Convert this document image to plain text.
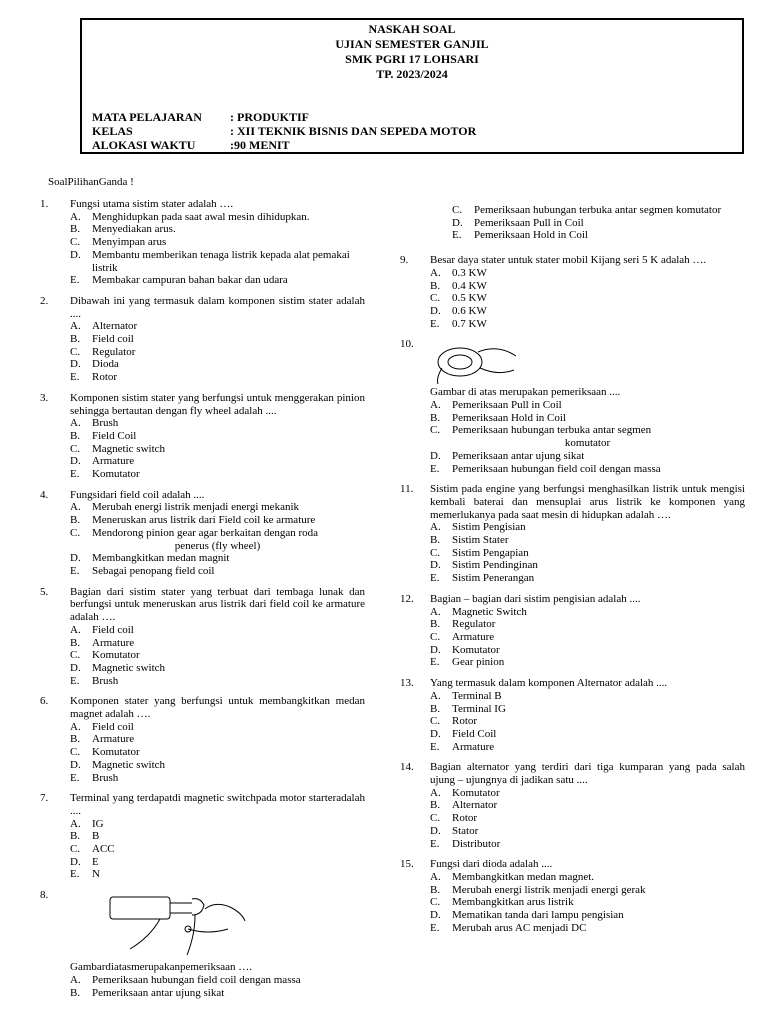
NASKAH SOAL
UJIAN SEMESTER GANJIL
SMK PGRI 17 LOHSARI
TP. 2023/2024
MATA PELAJARAN	: PRODUKTIF
KELAS	: XII TEKNIK BISNIS DAN SEPEDA MOTOR
ALOKASI WAKTU	:90 MENIT
SoalPilihanGanda !
1. Fungsi utama sistim stater adalah ….
A.	Menghidupkan pada saat awal mesin dihidupkan.
B.	Menyediakan arus.
C.	Menyimpan arus
D.	Membantu memberikan tenaga listrik kepada alat pemakai listrik
E.	Membakar campuran bahan bakar dan udara
2. Dibawah ini yang termasuk dalam komponen sistim stater adalah ....
A.	Alternator
B.	Field coil
C.	Regulator
D.	Dioda
E.	Rotor
3. Komponen sistim stater yang berfungsi untuk menggerakan pinion sehingga bertautan dengan fly wheel adalah ....
A.	Brush
B.	Field Coil
C.	Magnetic switch
D.	Armature
E.	Komutator
4. Fungsidari field coil adalah ....
A.	Merubah energi listrik menjadi energi mekanik
B.	Meneruskan arus listrik dari Field coil ke armature
C.	Mendorong pinion gear agar berkaitan dengan roda
penerus (fly wheel)
D.	Membangkitkan medan magnit
E.	Sebagai penopang field coil
5. Bagian dari sistim stater yang terbuat dari tembaga lunak dan berfungsi untuk meneruskan arus listrik dari field coil ke armature adalah ….
A.	Field coil
B.	Armature
C.	Komutator
D.	Magnetic switch
E.	Brush
6. Komponen stater yang berfungsi untuk membangkitkan medan magnet adalah ….
A.	Field coil
B.	Armature
C.	Komutator
D.	Magnetic switch
E.	Brush
7. Terminal yang terdapatdi magnetic switchpada motor starteradalah ....
A.	IG
B.	B
C.	ACC
D.	E
E.	N
8.
Gambardiatasmerupakanpemeriksaan ….
A.	Pemeriksaan hubungan field coil dengan massa
B.	Pemeriksaan antar ujung sikat
C.	Pemeriksaan hubungan terbuka antar segmen komutator
D.	Pemeriksaan Pull in Coil
E.	Pemeriksaan Hold in Coil
9. Besar daya stater untuk stater mobil Kijang seri 5 K adalah ….
A.	0.3 KW
B.	0.4 KW
C.	0.5 KW
D.	0.6 KW
E.	0.7 KW
10.
Gambar di atas merupakan pemeriksaan ....
A.	Pemeriksaan Pull in Coil
B.	Pemeriksaan Hold in Coil
C.	Pemeriksaan hubungan terbuka antar segmen
komutator
D.	Pemeriksaan antar ujung sikat
E.	Pemeriksaan hubungan field coil dengan massa
11. Sistim pada engine yang berfungsi menghasilkan listrik untuk mengisi kembali baterai dan mensuplai arus listrik ke komponen yang memerlukanya pada saat mesin di hidupkan adalah ….
A.	Sistim Pengisian
B.	Sistim Stater
C.	Sistim Pengapian
D.	Sistim Pendinginan
E.	Sistim Penerangan
12. Bagian – bagian dari sistim pengisian adalah ....
A.	Magnetic Switch
B.	Regulator
C.	Armature
D.	Komutator
E.	Gear pinion
13. Yang termasuk dalam komponen Alternator adalah ....
A.	Terminal B
B.	Terminal IG
C.	Rotor
D.	Field Coil
E.	Armature
14. Bagian alternator yang terdiri dari tiga kumparan yang pada salah ujung – ujungnya di jadikan satu ....
A.	Komutator
B.	Alternator
C.	Rotor
D.	Stator
E.	Distributor
15. Fungsi dari dioda adalah ....
A.	Membangkitkan medan magnet.
B.	Merubah energi listrik menjadi energi gerak
C.	Membangkitkan arus listrik
D.	Mematikan tanda dari lampu pengisian
E.	Merubah arus AC menjadi DC
